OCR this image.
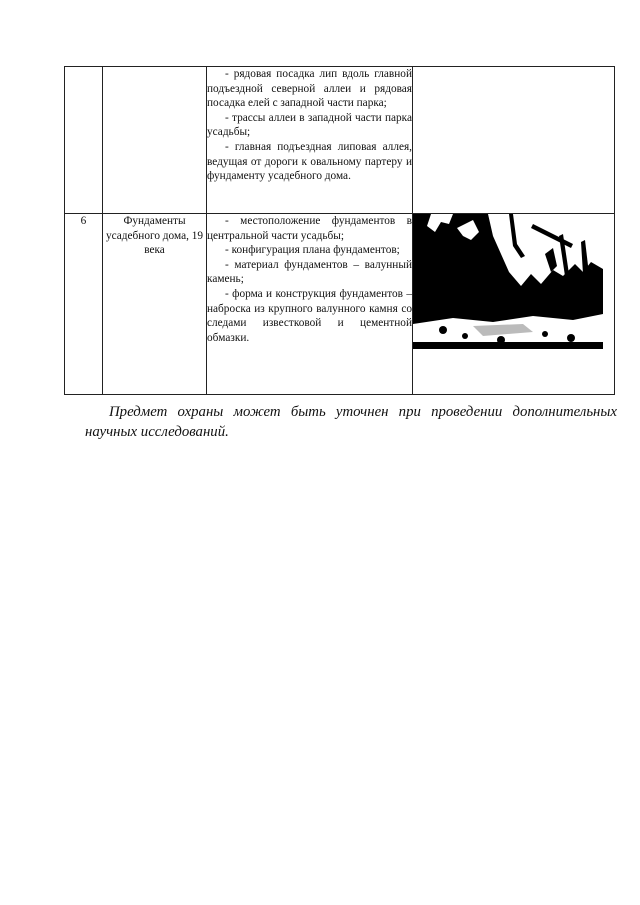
		- рядовая посадка лип вдоль главной подъездной северной аллеи и рядовая посадка елей с западной части парка;
- трассы аллеи в западной части парка усадьбы;
- главная подъездная липовая аллея, ведущая от дороги к овальному партеру и фундаменту усадебного дома.	

6	Фундаменты усадебного дома, 19 века	- местоположение фундаментов в центральной части усадьбы;
- конфигурация плана фундаментов;
- материал фундаментов – валунный камень;
- форма и конструкция фундаментов – наброска из крупного валунного камня со следами известковой и цементной обмазки.

Предмет охраны может быть уточнен при проведении дополнительных
научных исследований.
